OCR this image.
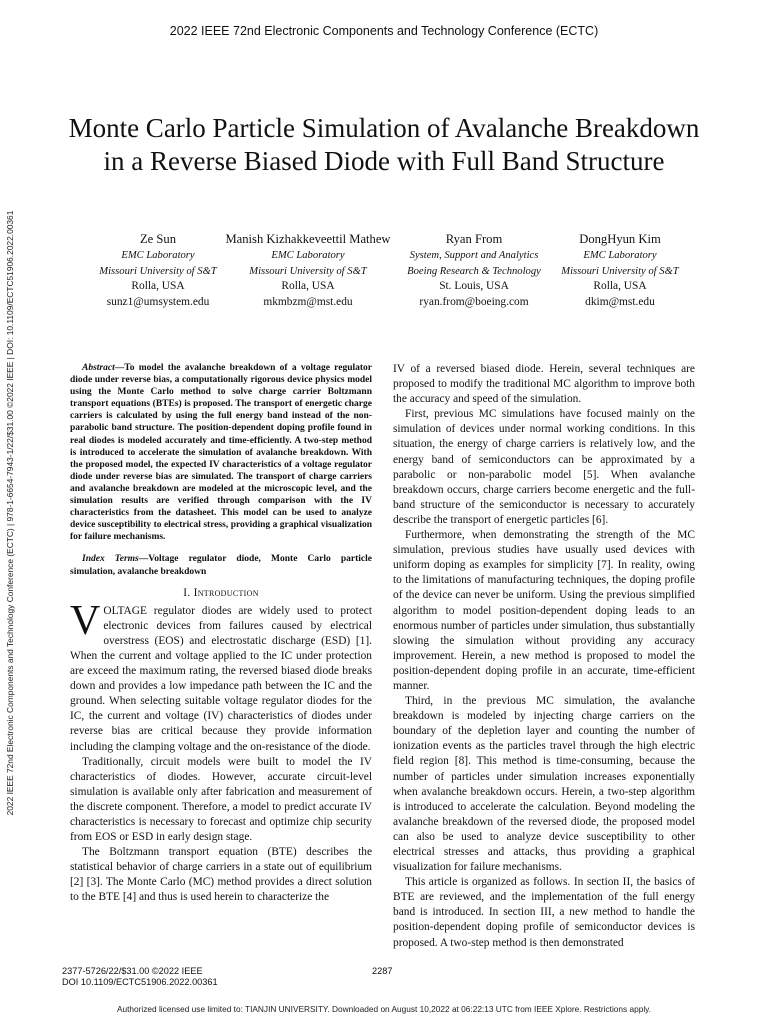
2022 IEEE 72nd Electronic Components and Technology Conference (ECTC)
2022 IEEE 72nd Electronic Components and Technology Conference (ECTC) | 978-1-6654-7943-1/22/$31.00 ©2022 IEEE | DOI: 10.1109/ECTC51906.2022.00361
Monte Carlo Particle Simulation of Avalanche Breakdown in a Reverse Biased Diode with Full Band Structure
Ze Sun
EMC Laboratory
Missouri University of S&T
Rolla, USA
sunz1@umsystem.edu
Manish Kizhakkeveettil Mathew
EMC Laboratory
Missouri University of S&T
Rolla, USA
mkmbzm@mst.edu
Ryan From
System, Support and Analytics
Boeing Research & Technology
St. Louis, USA
ryan.from@boeing.com
DongHyun Kim
EMC Laboratory
Missouri University of S&T
Rolla, USA
dkim@mst.edu

Abstract—To model the avalanche breakdown of a voltage regulator diode under reverse bias, a computationally rigorous device physics model using the Monte Carlo method to solve charge carrier Boltzmann transport equations (BTEs) is proposed. The transport of energetic charge carriers is calculated by using the full energy band instead of the non-parabolic band structure. The position-dependent doping profile found in real diodes is modeled accurately and time-efficiently. A two-step method is introduced to accelerate the simulation of avalanche breakdown. With the proposed model, the expected IV characteristics of a voltage regulator diode under reverse bias are simulated. The transport of charge carriers and avalanche breakdown are modeled at the microscopic level, and the simulation results are verified through comparison with the IV characteristics from the datasheet. This model can be used to analyze device susceptibility to electrical stress, providing a graphical visualization for failure mechanisms.

Index Terms—Voltage regulator diode, Monte Carlo particle simulation, avalanche breakdown

I. Introduction

VOLTAGE regulator diodes are widely used to protect electronic devices from failures caused by electrical overstress (EOS) and electrostatic discharge (ESD) [1]. When the current and voltage applied to the IC under protection are exceed the maximum rating, the reversed biased diode breaks down and provides a low impedance path between the IC and the ground. When selecting suitable voltage regulator diodes for the IC, the current and voltage (IV) characteristics of diodes under reverse bias are critical because they provide information including the clamping voltage and the on-resistance of the diode.

Traditionally, circuit models were built to model the IV characteristics of diodes. However, accurate circuit-level simulation is available only after fabrication and measurement of the discrete component. Therefore, a model to predict accurate IV characteristics is necessary to forecast and optimize chip security from EOS or ESD in early design stage.

The Boltzmann transport equation (BTE) describes the statistical behavior of charge carriers in a state out of equilibrium [2] [3]. The Monte Carlo (MC) method provides a direct solution to the BTE [4] and thus is used herein to characterize the

IV of a reversed biased diode. Herein, several techniques are proposed to modify the traditional MC algorithm to improve both the accuracy and speed of the simulation.

First, previous MC simulations have focused mainly on the simulation of devices under normal working conditions. In this situation, the energy of charge carriers is relatively low, and the energy band of semiconductors can be approximated by a parabolic or non-parabolic model [5]. When avalanche breakdown occurs, charge carriers become energetic and the full-band structure of the semiconductor is necessary to accurately describe the transport of energetic particles [6].

Furthermore, when demonstrating the strength of the MC simulation, previous studies have usually used devices with uniform doping as examples for simplicity [7]. In reality, owing to the limitations of manufacturing techniques, the doping profile of the device can never be uniform. Using the previous simplified algorithm to model position-dependent doping leads to an enormous number of particles under simulation, thus substantially slowing the simulation without providing any accuracy improvement. Herein, a new method is proposed to model the position-dependent doping profile in an accurate, time-efficient manner.

Third, in the previous MC simulation, the avalanche breakdown is modeled by injecting charge carriers on the boundary of the depletion layer and counting the number of ionization events as the particles travel through the high electric field region [8]. This method is time-consuming, because the number of particles under simulation increases exponentially when avalanche breakdown occurs. Herein, a two-step algorithm is introduced to accelerate the calculation. Beyond modeling the avalanche breakdown of the reversed diode, the proposed model can also be used to analyze device susceptibility to other electrical stresses and attacks, thus providing a graphical visualization for failure mechanisms.

This article is organized as follows. In section II, the basics of BTE are reviewed, and the implementation of the full energy band is introduced. In section III, a new method to handle the position-dependent doping profile of semiconductor devices is proposed. A two-step method is then demonstrated

2377-5726/22/$31.00 ©2022 IEEE
DOI 10.1109/ECTC51906.2022.00361
2287
Authorized licensed use limited to: TIANJIN UNIVERSITY. Downloaded on August 10,2022 at 06:22:13 UTC from IEEE Xplore. Restrictions apply.
